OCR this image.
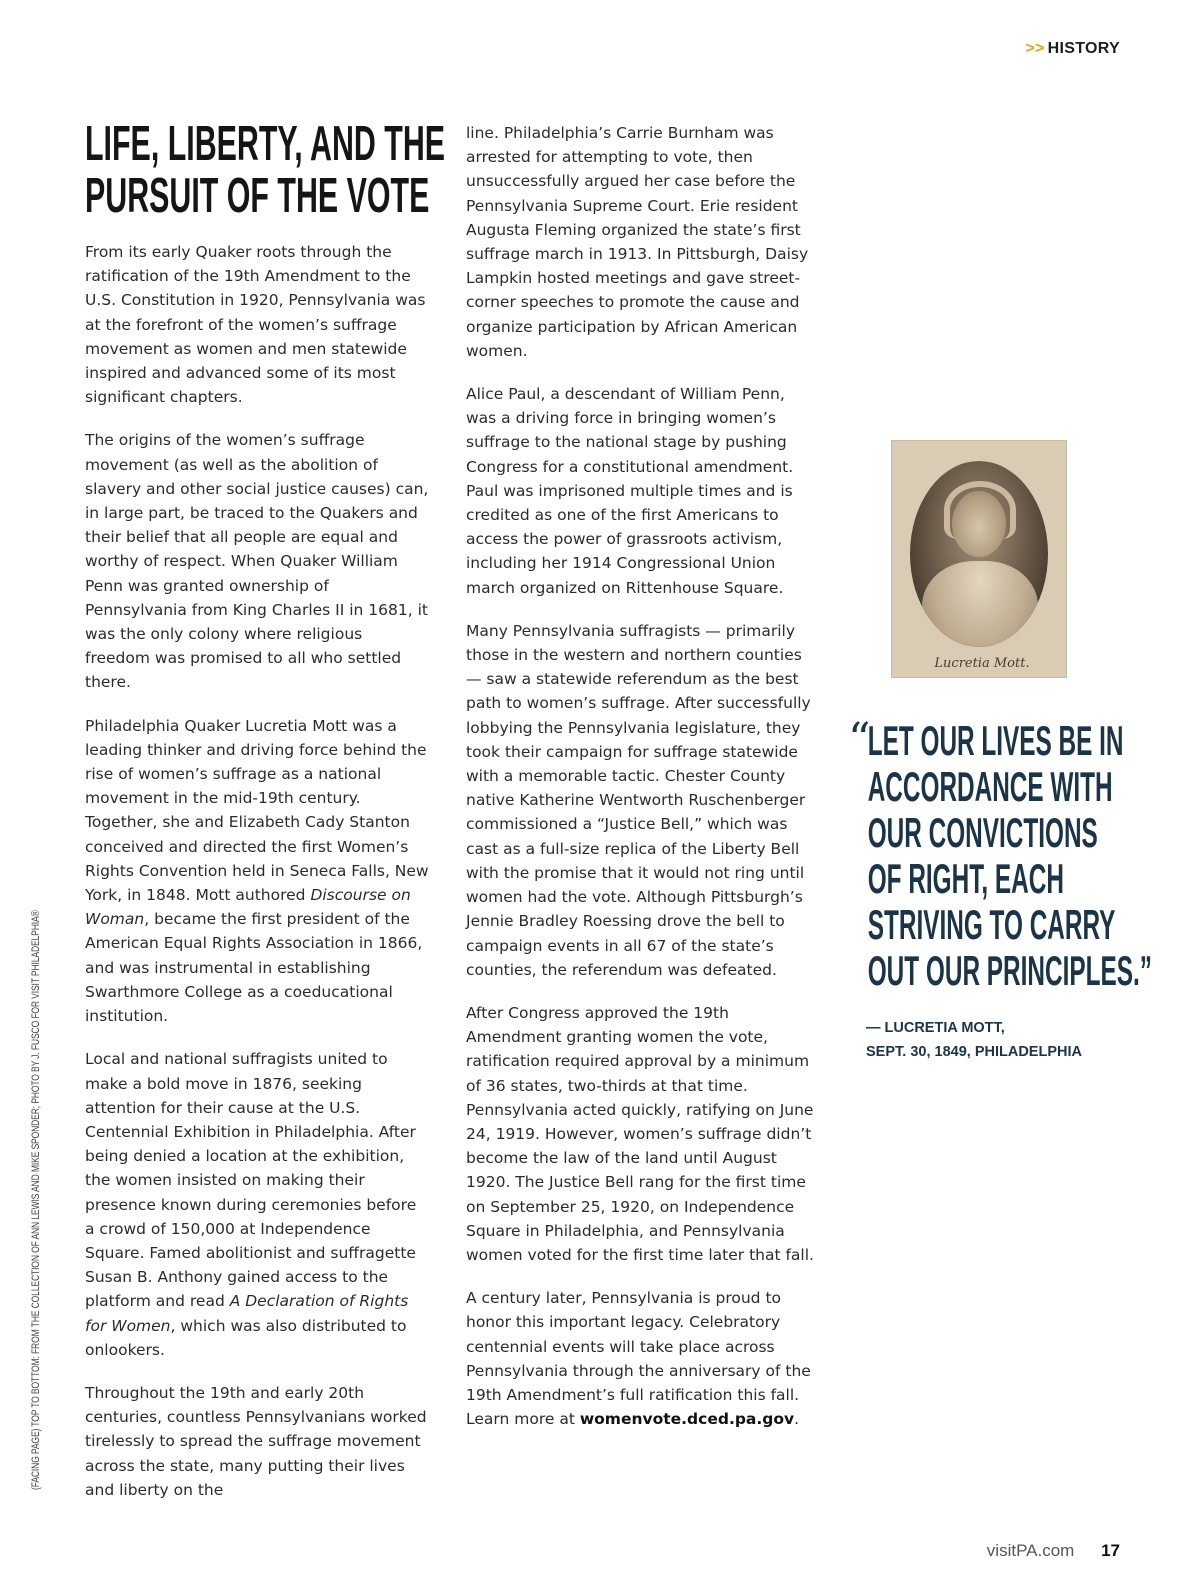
>> HISTORY
LIFE, LIBERTY, AND THE
PURSUIT OF THE VOTE

From its early Quaker roots through the ratification of the 19th Amendment to the U.S. Constitution in 1920, Pennsylvania was at the forefront of the women’s suffrage movement as women and men statewide inspired and advanced some of its most significant chapters.

The origins of the women’s suffrage movement (as well as the abolition of slavery and other social justice causes) can, in large part, be traced to the Quakers and their belief that all people are equal and worthy of respect. When Quaker William Penn was granted ownership of Pennsylvania from King Charles II in 1681, it was the only colony where religious freedom was promised to all who settled there.

Philadelphia Quaker Lucretia Mott was a leading thinker and driving force behind the rise of women’s suffrage as a national movement in the mid-19th century. Together, she and Elizabeth Cady Stanton conceived and directed the first Women’s Rights Convention held in Seneca Falls, New York, in 1848. Mott authored Discourse on Woman, became the first president of the American Equal Rights Association in 1866, and was instrumental in establishing Swarthmore College as a coeducational institution.

Local and national suffragists united to make a bold move in 1876, seeking attention for their cause at the U.S. Centennial Exhibition in Philadelphia. After being denied a location at the exhibition, the women insisted on making their presence known during ceremonies before a crowd of 150,000 at Independence Square. Famed abolitionist and suffragette Susan B. Anthony gained access to the platform and read A Declaration of Rights for Women, which was also distributed to onlookers.

Throughout the 19th and early 20th centuries, countless Pennsylvanians worked tirelessly to spread the suffrage movement across the state, many putting their lives and liberty on the

line. Philadelphia’s Carrie Burnham was arrested for attempting to vote, then unsuccessfully argued her case before the Pennsylvania Supreme Court. Erie resident Augusta Fleming organized the state’s first suffrage march in 1913. In Pittsburgh, Daisy Lampkin hosted meetings and gave street-corner speeches to promote the cause and organize participation by African American women.

Alice Paul, a descendant of William Penn, was a driving force in bringing women’s suffrage to the national stage by pushing Congress for a constitutional amendment. Paul was imprisoned multiple times and is credited as one of the first Americans to access the power of grassroots activism, including her 1914 Congressional Union march organized on Rittenhouse Square.

Many Pennsylvania suffragists — primarily those in the western and northern counties — saw a statewide referendum as the best path to women’s suffrage. After successfully lobbying the Pennsylvania legislature, they took their campaign for suffrage statewide with a memorable tactic. Chester County native Katherine Wentworth Ruschenberger commissioned a “Justice Bell,” which was cast as a full-size replica of the Liberty Bell with the promise that it would not ring until women had the vote. Although Pittsburgh’s Jennie Bradley Roessing drove the bell to campaign events in all 67 of the state’s counties, the referendum was defeated.

After Congress approved the 19th Amendment granting women the vote, ratification required approval by a minimum of 36 states, two-thirds at that time. Pennsylvania acted quickly, ratifying on June 24, 1919. However, women’s suffrage didn’t become the law of the land until August 1920. The Justice Bell rang for the first time on September 25, 1920, on Independence Square in Philadelphia, and Pennsylvania women voted for the first time later that fall.

A century later, Pennsylvania is proud to honor this important legacy. Celebratory centennial events will take place across Pennsylvania through the anniversary of the 19th Amendment’s full ratification this fall. Learn more at womenvote.dced.pa.gov.

Lucretia Mott.
“
LET OUR LIVES BE IN
ACCORDANCE WITH
OUR CONVICTIONS
OF RIGHT, EACH
STRIVING TO CARRY
OUT OUR PRINCIPLES.”
— LUCRETIA MOTT,
SEPT. 30, 1849, PHILADELPHIA
(FACING PAGE) TOP TO BOTTOM: FROM THE COLLECTION OF ANN LEWIS AND MIKE SPONDER; PHOTO BY J. FUSCO FOR VISIT PHILADELPHIA®
visitPA.com 17
